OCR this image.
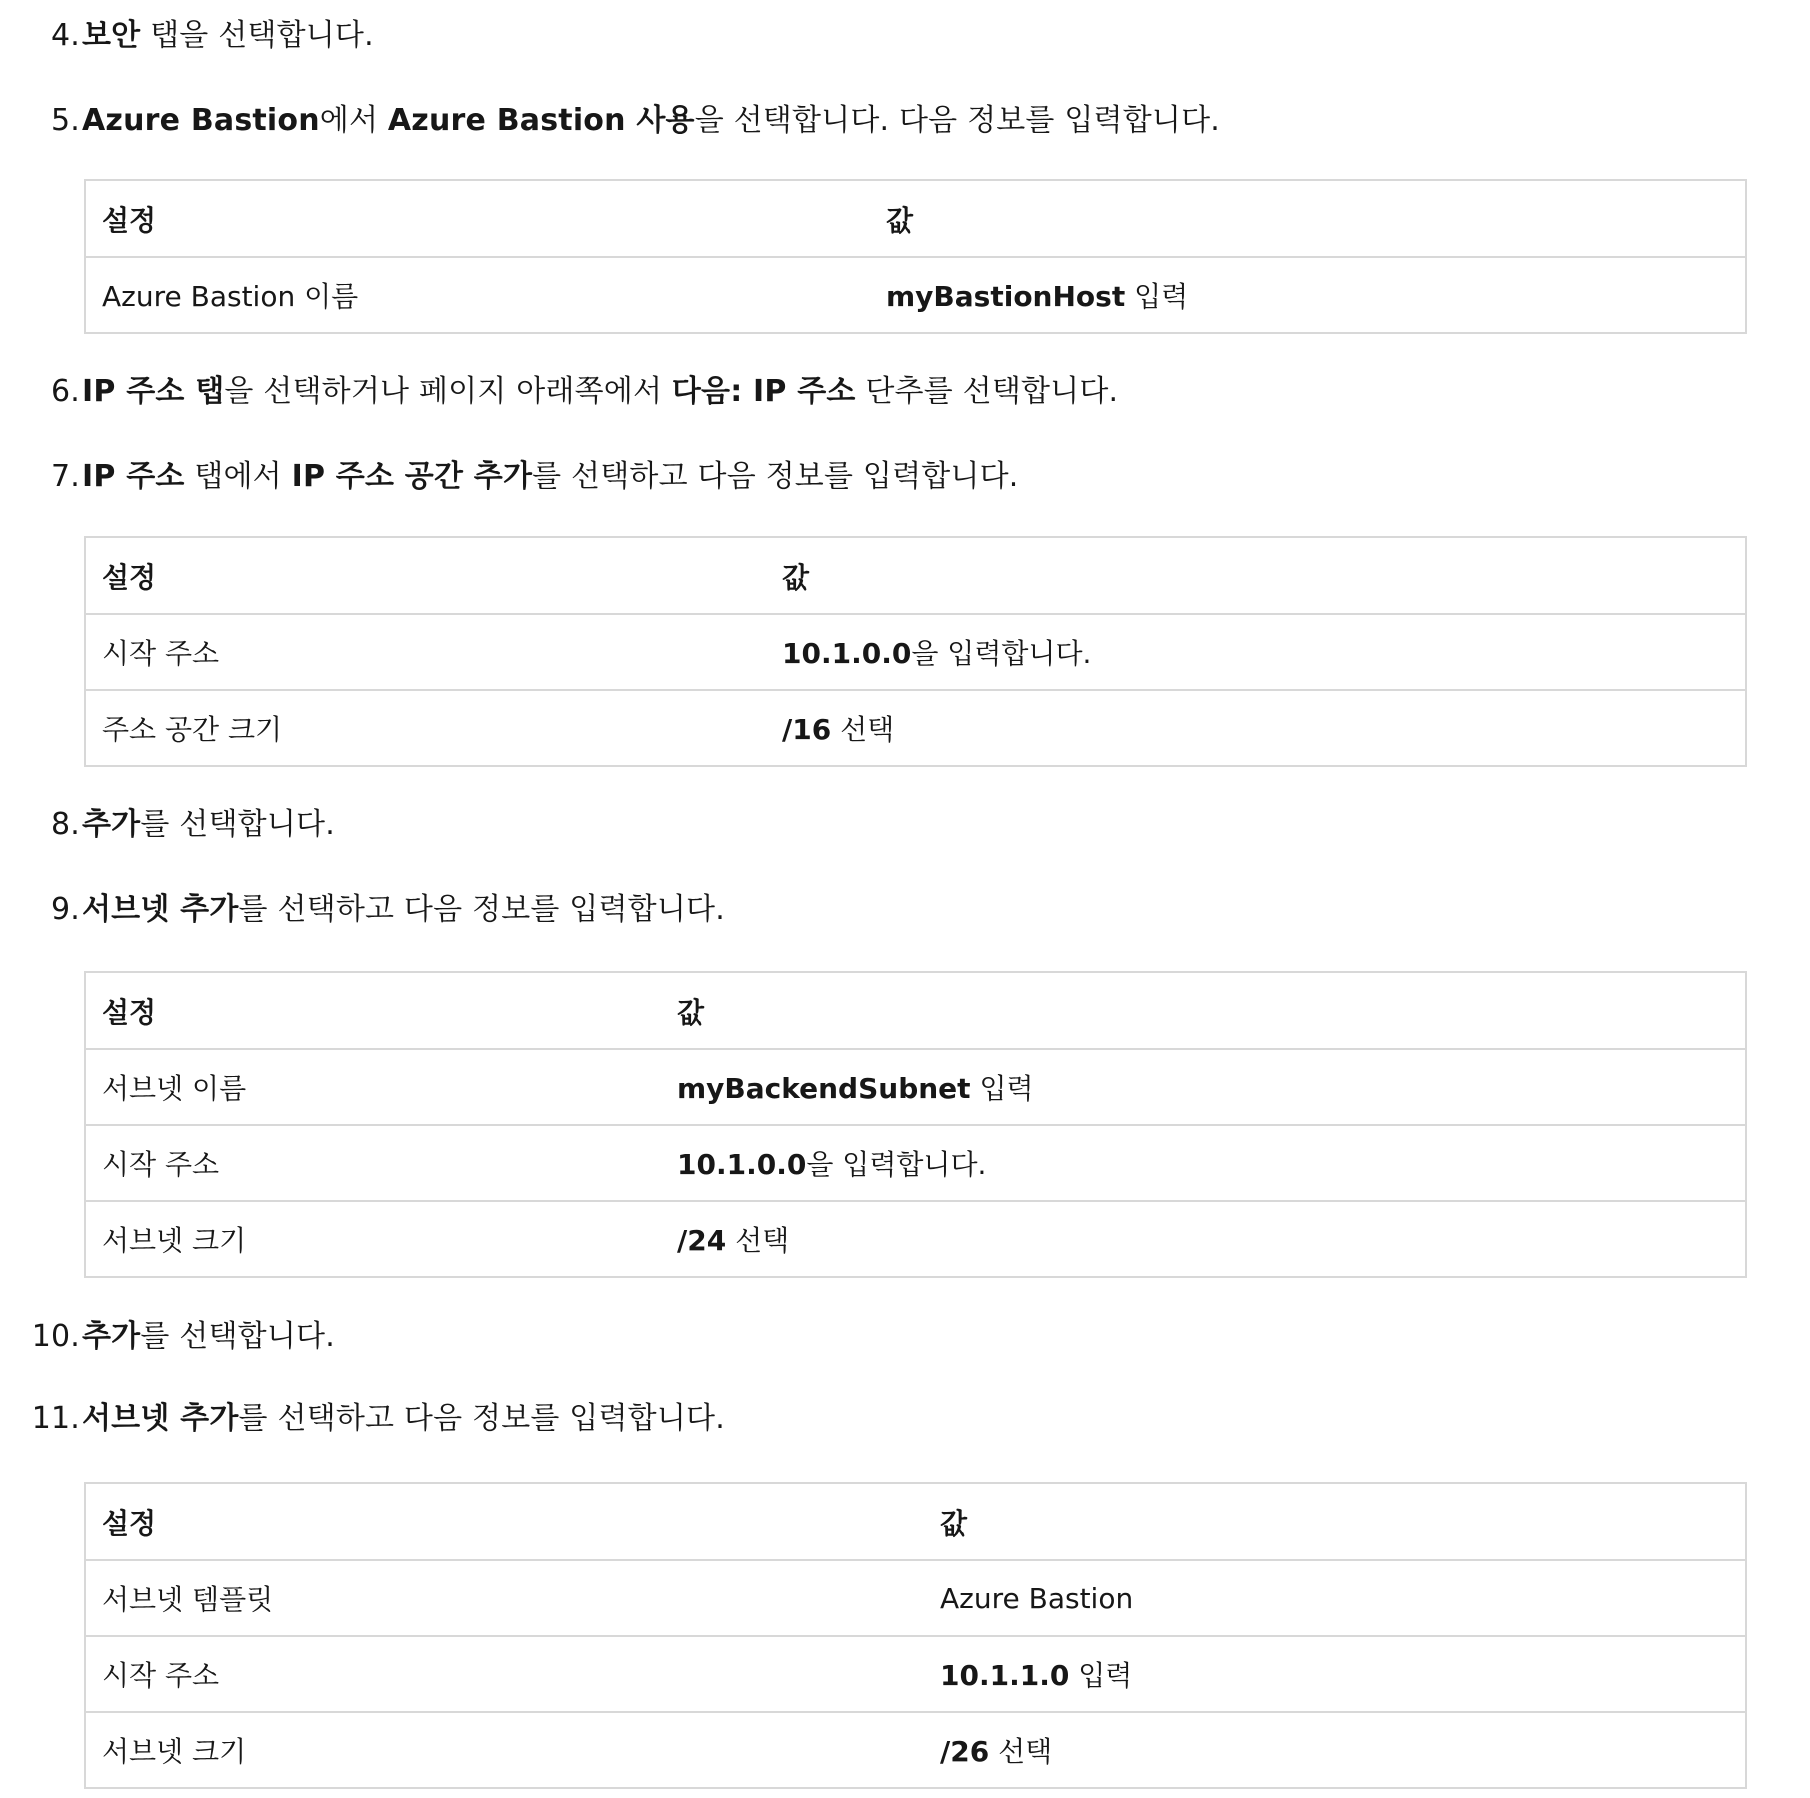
4.보안 탭을 선택합니다.
5.Azure Bastion에서 Azure Bastion 사용을 선택합니다. 다음 정보를 입력합니다.
설정	값
Azure Bastion 이름	myBastionHost 입력
6.IP 주소 탭을 선택하거나 페이지 아래쪽에서 다음: IP 주소 단추를 선택합니다.
7.IP 주소 탭에서 IP 주소 공간 추가를 선택하고 다음 정보를 입력합니다.
설정	값
시작 주소	10.1.0.0을 입력합니다.
주소 공간 크기	/16 선택
8.추가를 선택합니다.
9.서브넷 추가를 선택하고 다음 정보를 입력합니다.
설정	값
서브넷 이름	myBackendSubnet 입력
시작 주소	10.1.0.0을 입력합니다.
서브넷 크기	/24 선택
10.추가를 선택합니다.
11.서브넷 추가를 선택하고 다음 정보를 입력합니다.
설정	값
서브넷 템플릿	Azure Bastion
시작 주소	10.1.1.0 입력
서브넷 크기	/26 선택
